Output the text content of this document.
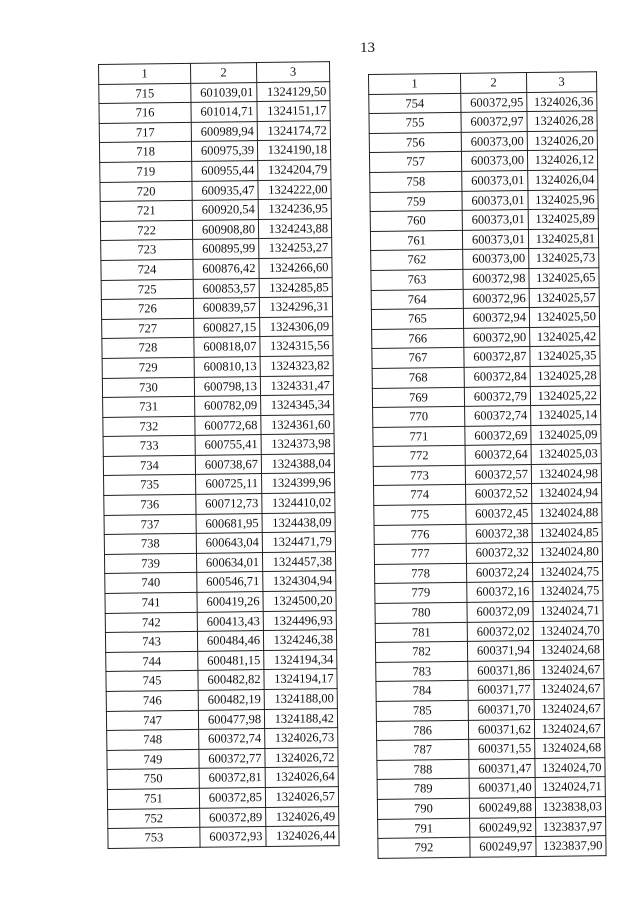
13
1	2	3
715	601039,01	1324129,50
716	601014,71	1324151,17
717	600989,94	1324174,72
718	600975,39	1324190,18
719	600955,44	1324204,79
720	600935,47	1324222,00
721	600920,54	1324236,95
722	600908,80	1324243,88
723	600895,99	1324253,27
724	600876,42	1324266,60
725	600853,57	1324285,85
726	600839,57	1324296,31
727	600827,15	1324306,09
728	600818,07	1324315,56
729	600810,13	1324323,82
730	600798,13	1324331,47
731	600782,09	1324345,34
732	600772,68	1324361,60
733	600755,41	1324373,98
734	600738,67	1324388,04
735	600725,11	1324399,96
736	600712,73	1324410,02
737	600681,95	1324438,09
738	600643,04	1324471,79
739	600634,01	1324457,38
740	600546,71	1324304,94
741	600419,26	1324500,20
742	600413,43	1324496,93
743	600484,46	1324246,38
744	600481,15	1324194,34
745	600482,82	1324194,17
746	600482,19	1324188,00
747	600477,98	1324188,42
748	600372,74	1324026,73
749	600372,77	1324026,72
750	600372,81	1324026,64
751	600372,85	1324026,57
752	600372,89	1324026,49
753	600372,93	1324026,44
1	2	3
754	600372,95	1324026,36
755	600372,97	1324026,28
756	600373,00	1324026,20
757	600373,00	1324026,12
758	600373,01	1324026,04
759	600373,01	1324025,96
760	600373,01	1324025,89
761	600373,01	1324025,81
762	600373,00	1324025,73
763	600372,98	1324025,65
764	600372,96	1324025,57
765	600372,94	1324025,50
766	600372,90	1324025,42
767	600372,87	1324025,35
768	600372,84	1324025,28
769	600372,79	1324025,22
770	600372,74	1324025,14
771	600372,69	1324025,09
772	600372,64	1324025,03
773	600372,57	1324024,98
774	600372,52	1324024,94
775	600372,45	1324024,88
776	600372,38	1324024,85
777	600372,32	1324024,80
778	600372,24	1324024,75
779	600372,16	1324024,75
780	600372,09	1324024,71
781	600372,02	1324024,70
782	600371,94	1324024,68
783	600371,86	1324024,67
784	600371,77	1324024,67
785	600371,70	1324024,67
786	600371,62	1324024,67
787	600371,55	1324024,68
788	600371,47	1324024,70
789	600371,40	1324024,71
790	600249,88	1323838,03
791	600249,92	1323837,97
792	600249,97	1323837,90
